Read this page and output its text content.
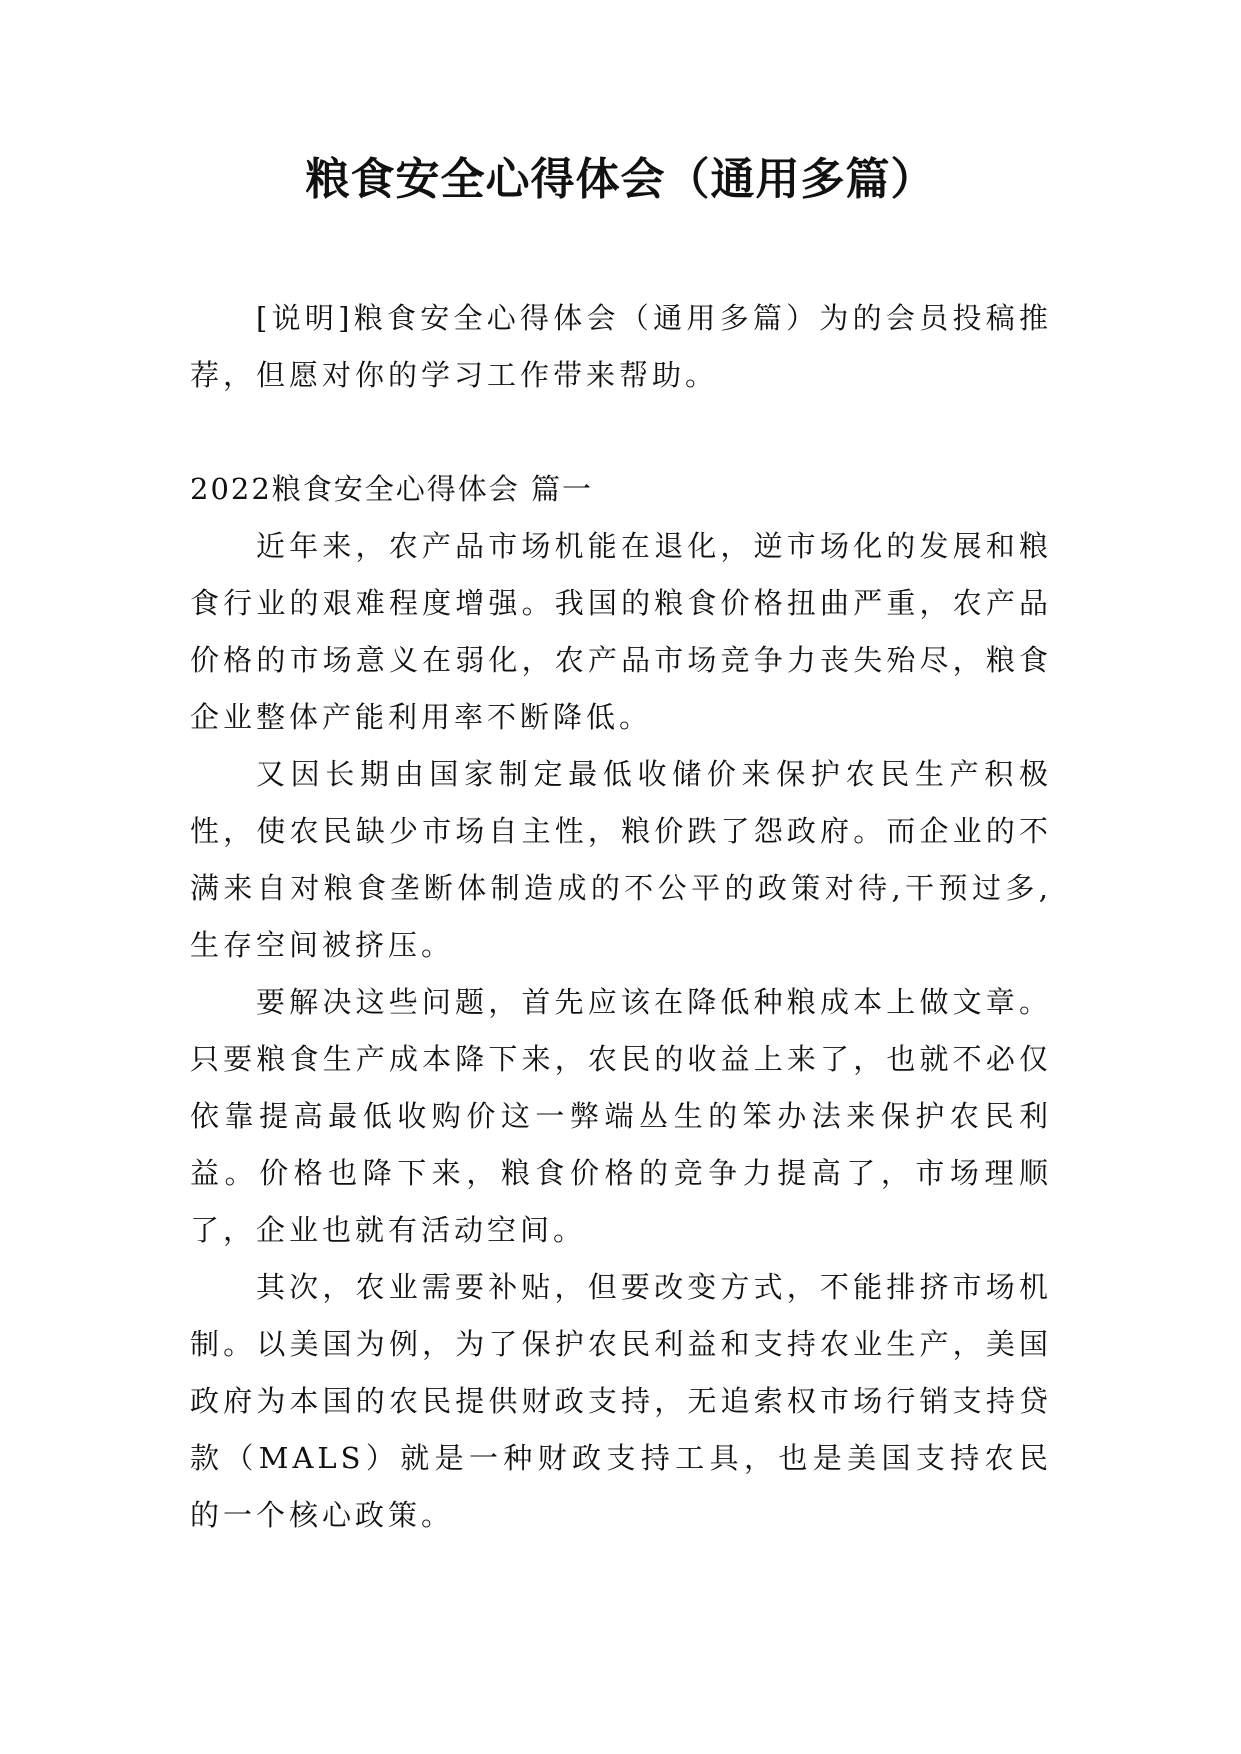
粮食安全心得体会（通用多篇）

[说明]粮食安全心得体会（通用多篇）为的会员投稿推荐，但愿对你的学习工作带来帮助。

2022粮食安全心得体会 篇一

近年来，农产品市场机能在退化，逆市场化的发展和粮食行业的艰难程度增强。我国的粮食价格扭曲严重，农产品价格的市场意义在弱化，农产品市场竞争力丧失殆尽，粮食企业整体产能利用率不断降低。

又因长期由国家制定最低收储价来保护农民生产积极性，使农民缺少市场自主性，粮价跌了怨政府。而企业的不满来自对粮食垄断体制造成的不公平的政策对待,干预过多,生存空间被挤压。

要解决这些问题，首先应该在降低种粮成本上做文章。只要粮食生产成本降下来，农民的收益上来了，也就不必仅依靠提高最低收购价这一弊端丛生的笨办法来保护农民利益。价格也降下来，粮食价格的竞争力提高了，市场理顺了，企业也就有活动空间。

其次，农业需要补贴，但要改变方式，不能排挤市场机制。以美国为例，为了保护农民利益和支持农业生产，美国政府为本国的农民提供财政支持，无追索权市场行销支持贷款（MALS）就是一种财政支持工具，也是美国支持农民的一个核心政策。
